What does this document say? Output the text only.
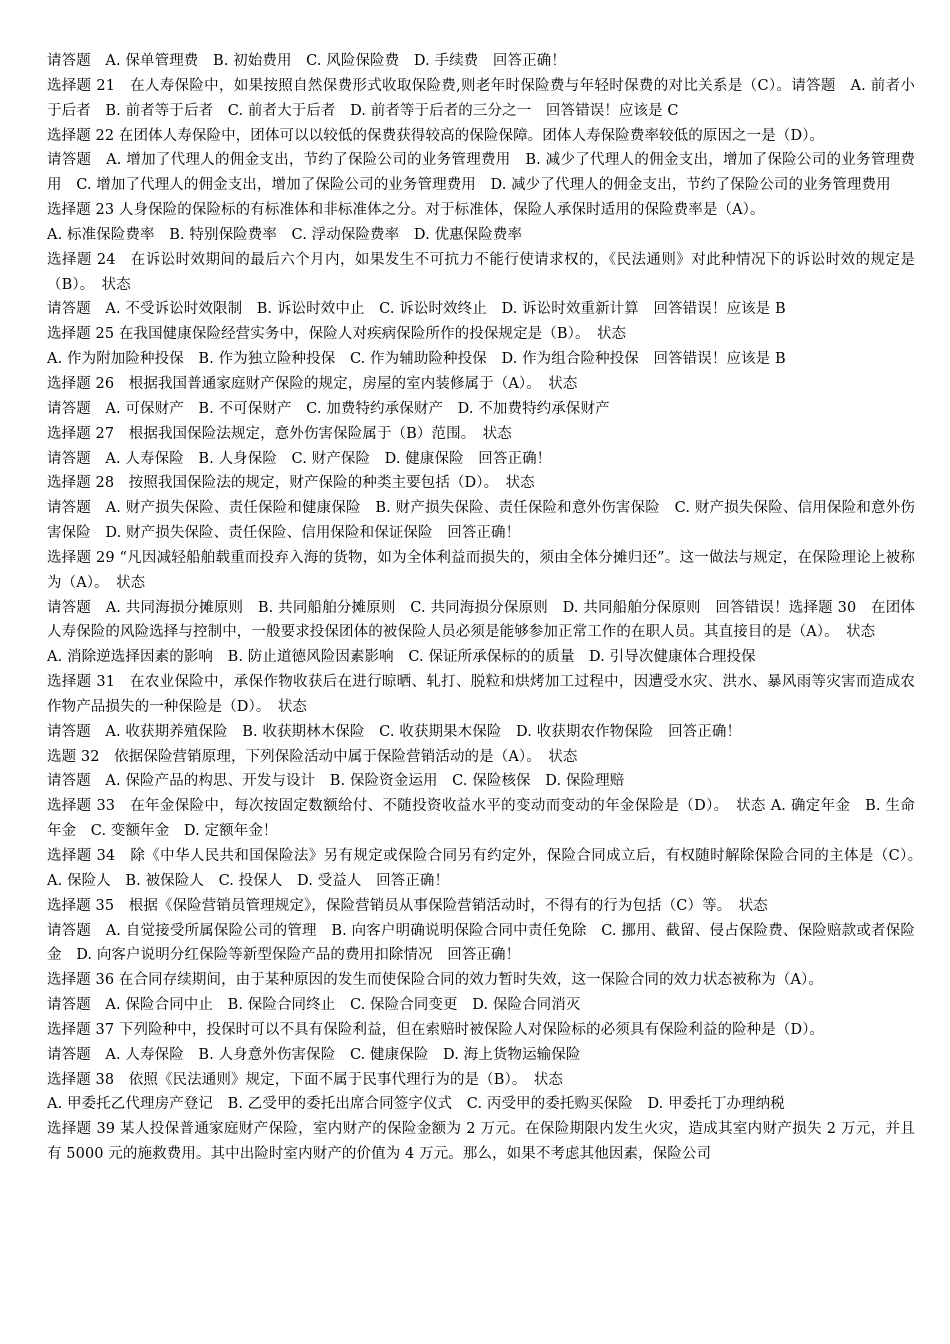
请答题　A. 保单管理费　B. 初始费用　C. 风险保险费　D. 手续费　回答正确！

选择题 21　在人寿保险中，如果按照自然保费形式收取保险费,则老年时保险费与年轻时保费的对比关系是（C）。请答题　A. 前者小于后者　B. 前者等于后者　C. 前者大于后者　D. 前者等于后者的三分之一　回答错误！应该是 C

选择题 22 在团体人寿保险中，团体可以以较低的保费获得较高的保险保障。团体人寿保险费率较低的原因之一是（D）。

请答题　A. 增加了代理人的佣金支出，节约了保险公司的业务管理费用　B. 减少了代理人的佣金支出，增加了保险公司的业务管理费用　C. 增加了代理人的佣金支出，增加了保险公司的业务管理费用　D. 减少了代理人的佣金支出，节约了保险公司的业务管理费用

选择题 23 人身保险的保险标的有标准体和非标准体之分。对于标准体，保险人承保时适用的保险费率是（A）。

A. 标准保险费率　B. 特别保险费率　C. 浮动保险费率　D. 优惠保险费率

选择题 24　在诉讼时效期间的最后六个月内，如果发生不可抗力不能行使请求权的，《民法通则》对此种情况下的诉讼时效的规定是（B）。　状态

请答题　A. 不受诉讼时效限制　B. 诉讼时效中止　C. 诉讼时效终止　D. 诉讼时效重新计算　回答错误！应该是 B

选择题 25 在我国健康保险经营实务中，保险人对疾病保险所作的投保规定是（B）。　状态

A. 作为附加险种投保　B. 作为独立险种投保　C. 作为辅助险种投保　D. 作为组合险种投保　回答错误！应该是 B

选择题 26　根据我国普通家庭财产保险的规定，房屋的室内装修属于（A）。　状态

请答题　A. 可保财产　B. 不可保财产　C. 加费特约承保财产　D. 不加费特约承保财产

选择题 27　根据我国保险法规定，意外伤害保险属于（B）范围。　状态

请答题　A. 人寿保险　B. 人身保险　C. 财产保险　D. 健康保险　回答正确！

选择题 28　按照我国保险法的规定，财产保险的种类主要包括（D）。　状态

请答题　A. 财产损失保险、责任保险和健康保险　B. 财产损失保险、责任保险和意外伤害保险　C. 财产损失保险、信用保险和意外伤害保险　D. 财产损失保险、责任保险、信用保险和保证保险　回答正确！

选择题 29 “凡因减轻船舶载重而投弃入海的货物，如为全体利益而损失的，须由全体分摊归还”。这一做法与规定，在保险理论上被称为（A）。　状态

请答题　A. 共同海损分摊原则　B. 共同船舶分摊原则　C. 共同海损分保原则　D. 共同船舶分保原则　回答错误！选择题 30　在团体人寿保险的风险选择与控制中，一般要求投保团体的被保险人员必须是能够参加正常工作的在职人员。其直接目的是（A）。　状态

A. 消除逆选择因素的影响　B. 防止道德风险因素影响　C. 保证所承保标的的质量　D. 引导次健康体合理投保

选择题 31　在农业保险中，承保作物收获后在进行晾晒、轧打、脱粒和烘烤加工过程中，因遭受水灾、洪水、暴风雨等灾害而造成农作物产品损失的一种保险是（D）。　状态

请答题　A. 收获期养殖保险　B. 收获期林木保险　C. 收获期果木保险　D. 收获期农作物保险　回答正确！

选题 32　依据保险营销原理，下列保险活动中属于保险营销活动的是（A）。　状态

请答题　A. 保险产品的构思、开发与设计　B. 保险资金运用　C. 保险核保　D. 保险理赔

选择题 33　在年金保险中，每次按固定数额给付、不随投资收益水平的变动而变动的年金保险是（D）。　状态 A. 确定年金　B. 生命年金　C. 变额年金　D. 定额年金！

选择题 34　除《中华人民共和国保险法》另有规定或保险合同另有约定外，保险合同成立后，有权随时解除保险合同的主体是（C）。　A. 保险人　B. 被保险人　C. 投保人　D. 受益人　回答正确！

选择题 35　根据《保险营销员管理规定》，保险营销员从事保险营销活动时，不得有的行为包括（C）等。　状态

请答题　A. 自觉接受所属保险公司的管理　B. 向客户明确说明保险合同中责任免除　C. 挪用、截留、侵占保险费、保险赔款或者保险金　D. 向客户说明分红保险等新型保险产品的费用扣除情况　回答正确！

选择题 36 在合同存续期间，由于某种原因的发生而使保险合同的效力暂时失效，这一保险合同的效力状态被称为（A）。

请答题　A. 保险合同中止　B. 保险合同终止　C. 保险合同变更　D. 保险合同消灭

选择题 37 下列险种中，投保时可以不具有保险利益，但在索赔时被保险人对保险标的必须具有保险利益的险种是（D）。

请答题　A. 人寿保险　B. 人身意外伤害保险　C. 健康保险　D. 海上货物运输保险

选择题 38　依照《民法通则》规定，下面不属于民事代理行为的是（B）。　状态

A. 甲委托乙代理房产登记　B. 乙受甲的委托出席合同签字仪式　C. 丙受甲的委托购买保险　D. 甲委托丁办理纳税

选择题 39 某人投保普通家庭财产保险，室内财产的保险金额为 2 万元。在保险期限内发生火灾，造成其室内财产损失 2 万元，并且有 5000 元的施救费用。其中出险时室内财产的价值为 4 万元。那么，如果不考虑其他因素，保险公司
